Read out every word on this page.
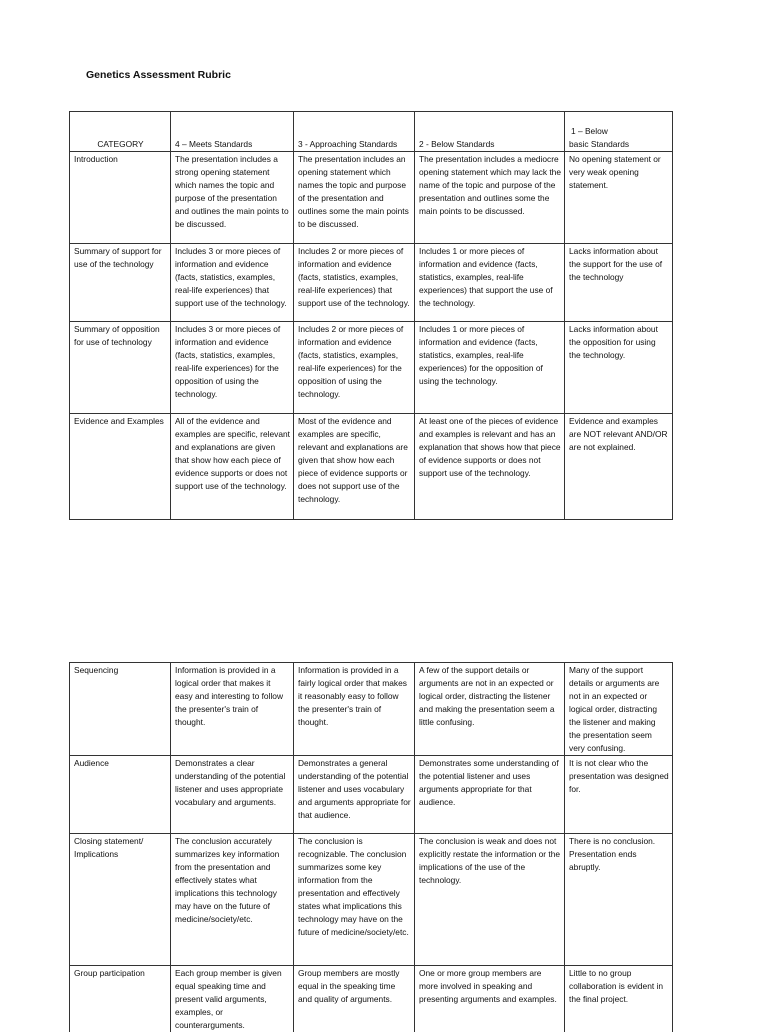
Genetics Assessment Rubric
CATEGORY	4 – Meets Standards	3 - Approaching Standards	2 - Below Standards	1 – Below
basic Standards

Introduction	The presentation includes a strong opening statement which names the topic and purpose of the presentation and outlines the main points to be discussed.	The presentation includes an opening statement which names the topic and purpose of the presentation and outlines some the main points to be discussed.	The presentation includes a mediocre opening statement which may lack the name of the topic and purpose of the presentation and outlines some the main points to be discussed.	No opening statement or very weak opening statement.
Summary of support for use of the technology	Includes 3 or more pieces of information and evidence (facts, statistics, examples, real-life experiences) that support use of the technology.	Includes 2 or more pieces of information and evidence (facts, statistics, examples, real-life experiences) that support use of the technology.	Includes 1 or more pieces of information and evidence (facts, statistics, examples, real-life experiences) that support the use of the technology.	Lacks information about the support for the use of the technology
Summary of opposition for use of technology	Includes 3 or more pieces of information and evidence (facts, statistics, examples, real-life experiences) for the opposition of using the technology.	Includes 2 or more pieces of information and evidence (facts, statistics, examples, real-life experiences) for the opposition of using the technology.	Includes 1 or more pieces of information and evidence (facts, statistics, examples, real-life experiences) for the opposition of using the technology.	Lacks information about the opposition for using the technology.
Evidence and Examples	All of the evidence and examples are specific, relevant and explanations are given that show how each piece of evidence supports or does not support use of the technology.	Most of the evidence and examples are specific, relevant and explanations are given that show how each piece of evidence supports or does not support use of the technology.	At least one of the pieces of evidence and examples is relevant and has an explanation that shows how that piece of evidence supports or does not support use of the technology.	Evidence and examples are NOT relevant AND/OR are not explained.
Sequencing	Information is provided in a logical order that makes it easy and interesting to follow the presenter's train of thought.	Information is provided in a fairly logical order that makes it reasonably easy to follow the presenter's train of thought.	A few of the support details or arguments are not in an expected or logical order, distracting the listener and making the presentation seem a little confusing.	Many of the support details or arguments are not in an expected or logical order, distracting the listener and making the presentation seem very confusing.
Audience	Demonstrates a clear understanding of the potential listener and uses appropriate vocabulary and arguments.	Demonstrates a general understanding of the potential listener and uses vocabulary and arguments appropriate for that audience.	Demonstrates some understanding of the potential listener and uses arguments appropriate for that audience.	It is not clear who the presentation was designed for.
Closing statement/ Implications	The conclusion accurately summarizes key information from the presentation and effectively states what implications this technology may have on the future of medicine/society/etc.	The conclusion is recognizable. The conclusion summarizes some key information from the presentation and effectively states what implications this technology may have on the future of medicine/society/etc.	The conclusion is weak and does not explicitly restate the information or the implications of the use of the technology.	There is no conclusion. Presentation ends abruptly.
Group participation	Each group member is given equal speaking time and present valid arguments, examples, or counterarguments.	Group members are mostly equal in the speaking time and quality of arguments.	One or more group members are more involved in speaking and presenting arguments and examples.	Little to no group collaboration is evident in the final project.
